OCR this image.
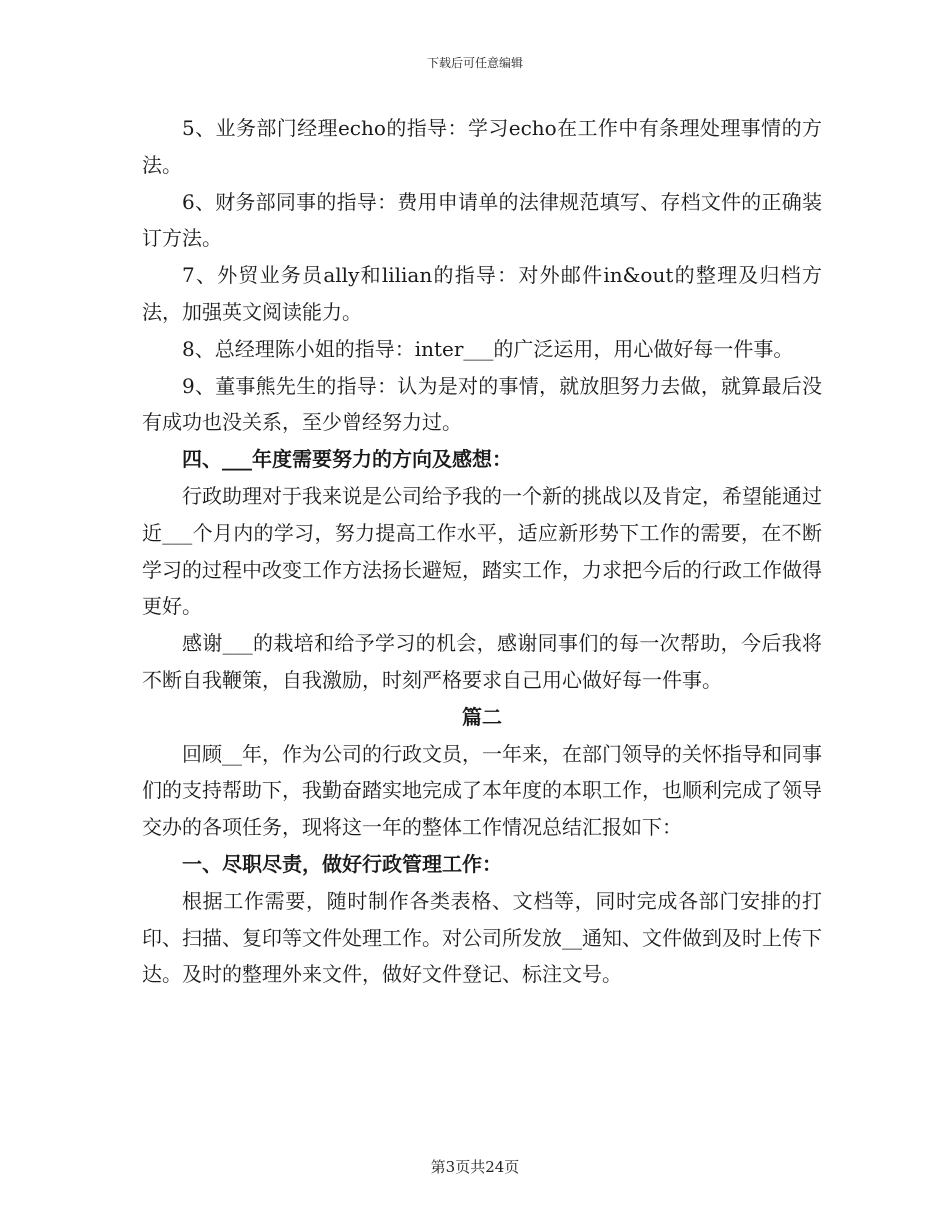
下载后可任意编辑

5、业务部门经理echo的指导：学习echo在工作中有条理处理事情的方法。

6、财务部同事的指导：费用申请单的法律规范填写、存档文件的正确装订方法。

7、外贸业务员ally和lilian的指导：对外邮件in&out的整理及归档方法，加强英文阅读能力。

8、总经理陈小姐的指导：inter___的广泛运用，用心做好每一件事。

9、董事熊先生的指导：认为是对的事情，就放胆努力去做，就算最后没有成功也没关系，至少曾经努力过。

四、___年度需要努力的方向及感想：

行政助理对于我来说是公司给予我的一个新的挑战以及肯定，希望能通过近___个月内的学习，努力提高工作水平，适应新形势下工作的需要，在不断学习的过程中改变工作方法扬长避短，踏实工作，力求把今后的行政工作做得更好。

感谢___的栽培和给予学习的机会，感谢同事们的每一次帮助，今后我将不断自我鞭策，自我激励，时刻严格要求自己用心做好每一件事。

篇二

回顾__年，作为公司的行政文员，一年来，在部门领导的关怀指导和同事们的支持帮助下，我勤奋踏实地完成了本年度的本职工作，也顺利完成了领导交办的各项任务，现将这一年的整体工作情况总结汇报如下：

一、尽职尽责，做好行政管理工作：

根据工作需要，随时制作各类表格、文档等，同时完成各部门安排的打印、扫描、复印等文件处理工作。对公司所发放__通知、文件做到及时上传下达。及时的整理外来文件，做好文件登记、标注文号。

第3页共24页
